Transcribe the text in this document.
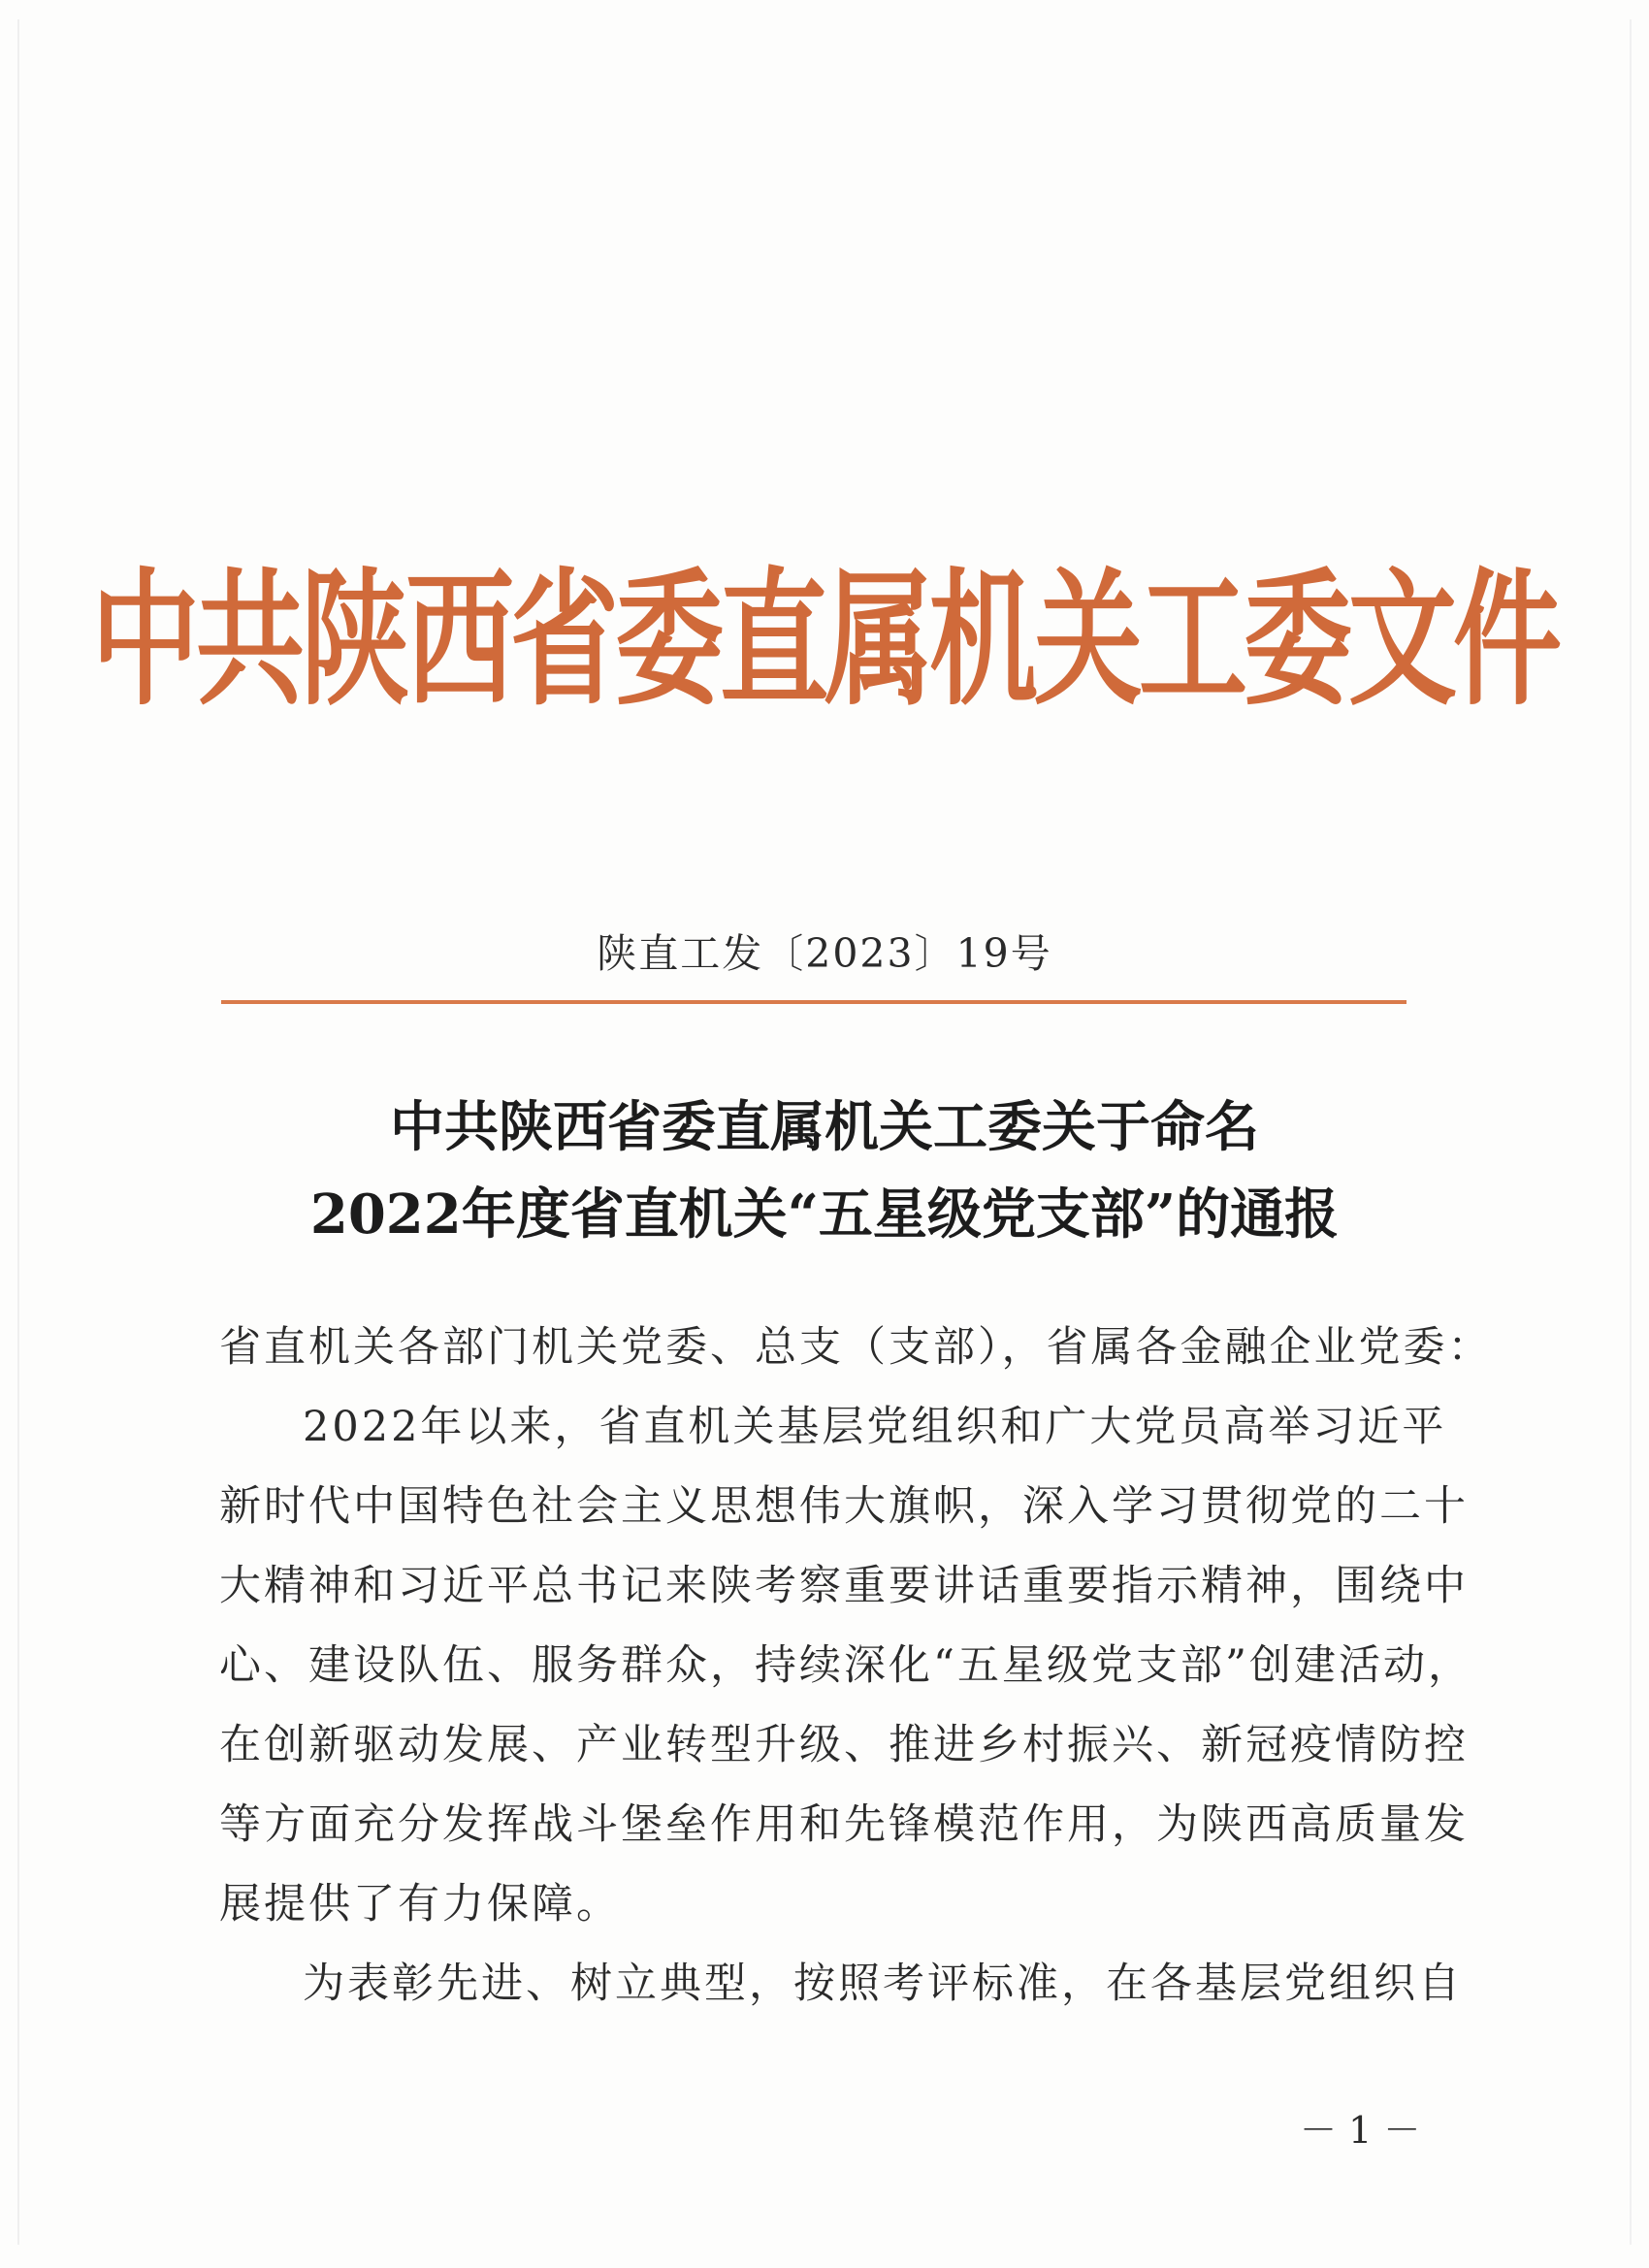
中共陕西省委直属机关工委文件
陕直工发〔2023〕19号
中共陕西省委直属机关工委关于命名
2022年度省直机关“五星级党支部”的通报
省直机关各部门机关党委、总支（支部），省属各金融企业党委：
2022年以来，省直机关基层党组织和广大党员高举习近平
新时代中国特色社会主义思想伟大旗帜，深入学习贯彻党的二十
大精神和习近平总书记来陕考察重要讲话重要指示精神，围绕中
心、建设队伍、服务群众，持续深化“五星级党支部”创建活动，
在创新驱动发展、产业转型升级、推进乡村振兴、新冠疫情防控
等方面充分发挥战斗堡垒作用和先锋模范作用，为陕西高质量发
展提供了有力保障。
为表彰先进、树立典型，按照考评标准，在各基层党组织自
－ 1 －
